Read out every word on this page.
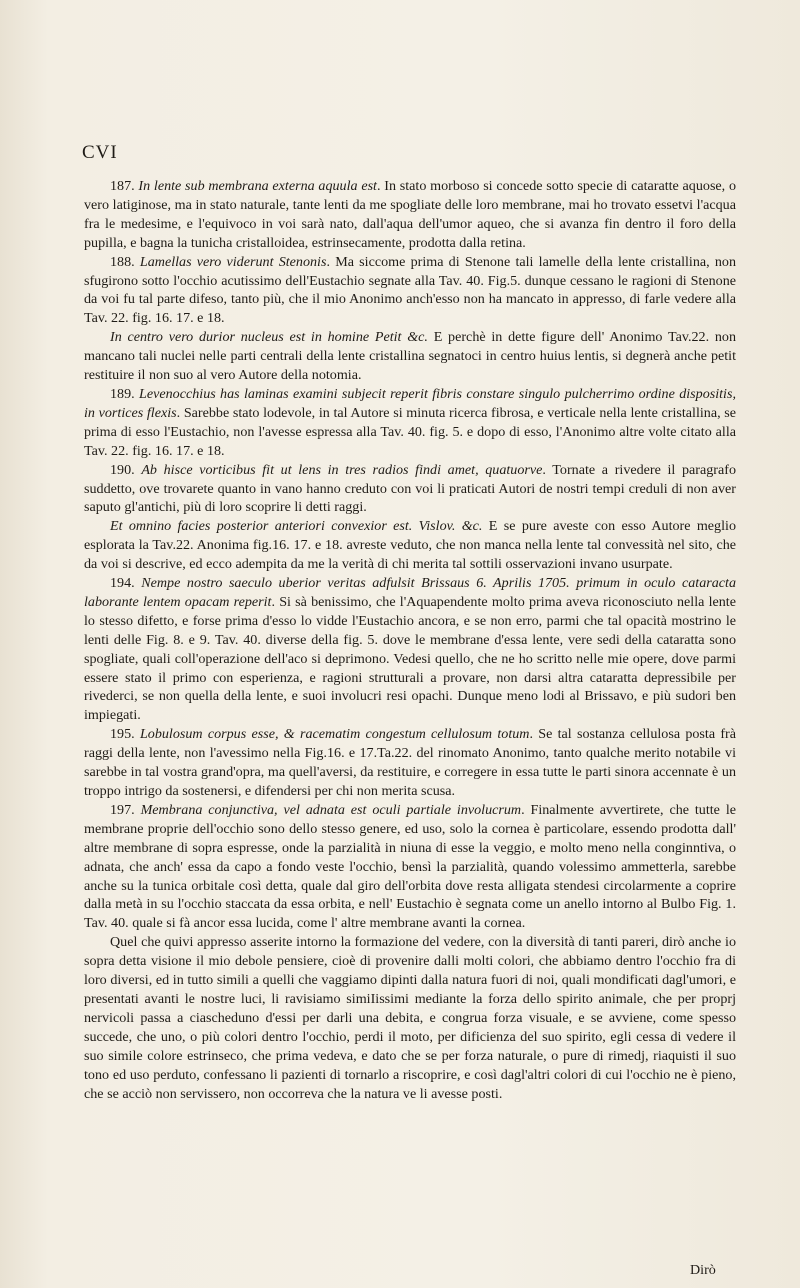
CVI

187. In lente sub membrana externa aquula est. In stato morboso si concede sotto specie di cataratte aquose, o vero latiginose, ma in stato naturale, tante lenti da me spogliate delle loro membrane, mai ho trovato essetvi l'acqua fra le medesime, e l'equivoco in voi sarà nato, dall'aqua dell'umor aqueo, che si avanza fin dentro il foro della pupilla, e bagna la tunicha cristalloidea, estrinsecamente, prodotta dalla retina.

188. Lamellas vero viderunt Stenonis. Ma siccome prima di Stenone tali lamelle della lente cristallina, non sfugirono sotto l'occhio acutissimo dell'Eustachio segnate alla Tav. 40. Fig.5. dunque cessano le ragioni di Stenone da voi fu tal parte difeso, tanto più, che il mio Anonimo anch'esso non ha mancato in appresso, di farle vedere alla Tav. 22. fig. 16. 17. e 18.

In centro vero durior nucleus est in homine Petit &c. E perchè in dette figure dell' Anonimo Tav.22. non mancano tali nuclei nelle parti centrali della lente cristallina segnatoci in centro huius lentis, si degnerà anche petit restituire il non suo al vero Autore della notomia.

189. Levenocchius has laminas examini subjecit reperit fibris constare singulo pulcherrimo ordine dispositis, in vortices flexis. Sarebbe stato lodevole, in tal Autore si minuta ricerca fibrosa, e verticale nella lente cristallina, se prima di esso l'Eustachio, non l'avesse espressa alla Tav. 40. fig. 5. e dopo di esso, l'Anonimo altre volte citato alla Tav. 22. fig. 16. 17. e 18.

190. Ab hisce vorticibus fit ut lens in tres radios findi amet, quatuorve. Tornate a rivedere il paragrafo suddetto, ove trovarete quanto in vano hanno creduto con voi li praticati Autori de nostri tempi creduli di non aver saputo gl'antichi, più di loro scoprire li detti raggi.

Et omnino facies posterior anteriori convexior est. Vislov. &c. E se pure aveste con esso Autore meglio esplorata la Tav.22. Anonima fig.16. 17. e 18. avreste veduto, che non manca nella lente tal convessità nel sito, che da voi si descrive, ed ecco adempita da me la verità di chi merita tal sottili osservazioni invano usurpate.

194. Nempe nostro saeculo uberior veritas adfulsit Brissaus 6. Aprilis 1705. primum in oculo cataracta laborante lentem opacam reperit. Si sà benissimo, che l'Aquapendente molto prima aveva riconosciuto nella lente lo stesso difetto, e forse prima d'esso lo vidde l'Eustachio ancora, e se non erro, parmi che tal opacità mostrino le lenti delle Fig. 8. e 9. Tav. 40. diverse della fig. 5. dove le membrane d'essa lente, vere sedi della cataratta sono spogliate, quali coll'operazione dell'aco si deprimono. Vedesi quello, che ne ho scritto nelle mie opere, dove parmi essere stato il primo con esperienza, e ragioni strutturali a provare, non darsi altra cataratta depressibile per rivederci, se non quella della lente, e suoi involucri resi opachi. Dunque meno lodi al Brissavo, e più sudori ben impiegati.

195. Lobulosum corpus esse, & racematim congestum cellulosum totum. Se tal sostanza cellulosa posta frà raggi della lente, non l'avessimo nella Fig.16. e 17.Ta.22. del rinomato Anonimo, tanto qualche merito notabile vi sarebbe in tal vostra grand'opra, ma quell'aversi, da restituire, e corregere in essa tutte le parti sinora accennate è un troppo intrigo da sostenersi, e difendersi per chi non merita scusa.

197. Membrana conjunctiva, vel adnata est oculi partiale involucrum. Finalmente avvertirete, che tutte le membrane proprie dell'occhio sono dello stesso genere, ed uso, solo la cornea è particolare, essendo prodotta dall' altre membrane di sopra espresse, onde la parzialità in niuna di esse la veggio, e molto meno nella conginntiva, o adnata, che anch' essa da capo a fondo veste l'occhio, bensì la parzialità, quando volessimo ammetterla, sarebbe anche su la tunica orbitale così detta, quale dal giro dell'orbita dove resta alligata stendesi circolarmente a coprire dalla metà in su l'occhio staccata da essa orbita, e nell' Eustachio è segnata come un anello intorno al Bulbo Fig. 1. Tav. 40. quale si fà ancor essa lucida, come l' altre membrane avanti la cornea.

Quel che quivi appresso asserite intorno la formazione del vedere, con la diversità di tanti pareri, dirò anche io sopra detta visione il mio debole pensiere, cioè di provenire dalli molti colori, che abbiamo dentro l'occhio fra di loro diversi, ed in tutto simili a quelli che vaggiamo dipinti dalla natura fuori di noi, quali mondificati dagl'umori, e presentati avanti le nostre luci, li ravisiamo simiIissimi mediante la forza dello spirito animale, che per proprj nervicoli passa a ciascheduno d'essi per darli una debita, e congrua forza visuale, e se avviene, come spesso succede, che uno, o più colori dentro l'occhio, perdi il moto, per dificienza del suo spirito, egli cessa di vedere il suo simile colore estrinseco, che prima vedeva, e dato che se per forza naturale, o pure di rimedj, riaquisti il suo tono ed uso perduto, confessano li pazienti di tornarlo a riscoprire, e così dagl'altri colori di cui l'occhio ne è pieno, che se acciò non servissero, non occorreva che la natura ve li avesse posti.

Dirò
